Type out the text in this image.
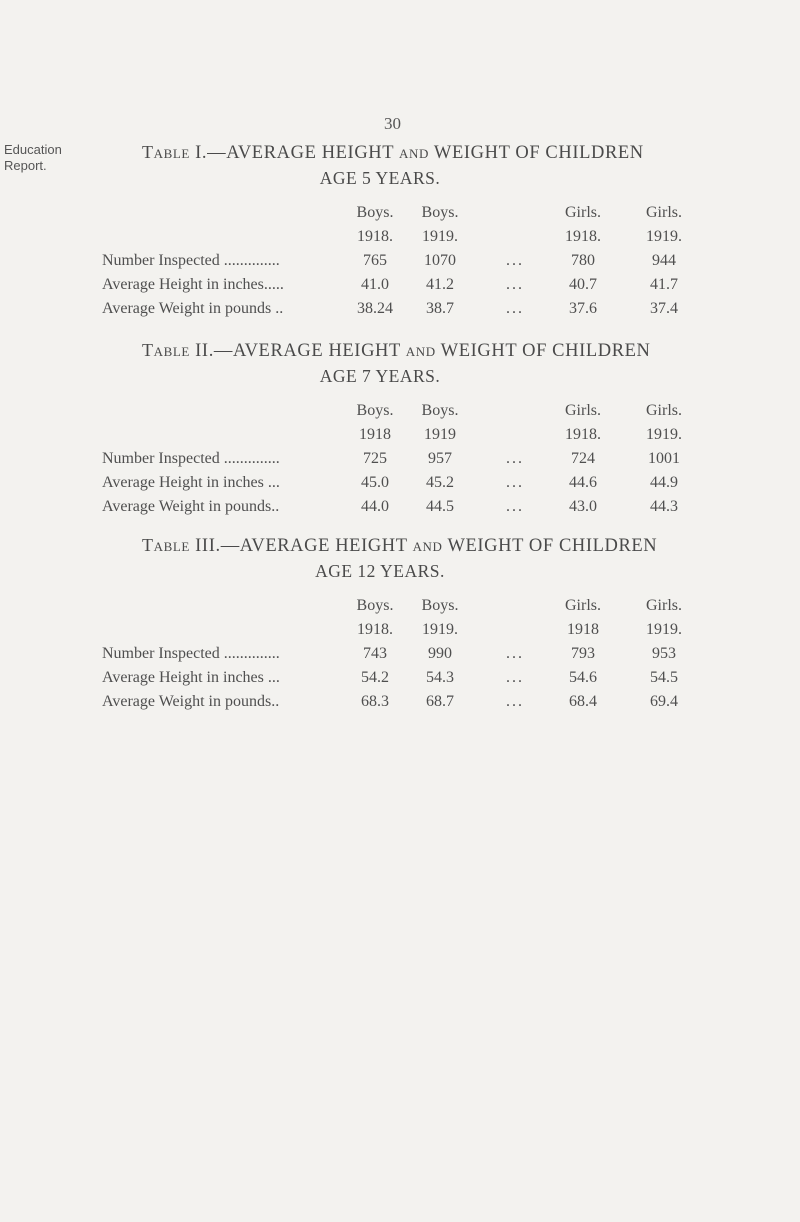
30
Education
Report.
Table I.—AVERAGE HEIGHT and WEIGHT OF CHILDREN
AGE 5 YEARS.
Boys.	Boys.	Girls.	Girls.
1918.	1919.	1918.	1919.
Number Inspected ..............	765	1070	...	780	944
Average Height in inches.....	41.0	41.2	...	40.7	41.7
Average Weight in pounds ..	38.24	38.7	...	37.6	37.4
Table II.—AVERAGE HEIGHT and WEIGHT OF CHILDREN
AGE 7 YEARS.
Boys.	Boys.	Girls.	Girls.
1918	1919	1918.	1919.
Number Inspected ..............	725	957	...	724	1001
Average Height in inches ...	45.0	45.2	...	44.6	44.9
Average Weight in pounds..	44.0	44.5	...	43.0	44.3
Table III.—AVERAGE HEIGHT and WEIGHT OF CHILDREN
AGE 12 YEARS.
Boys.	Boys.	Girls.	Girls.
1918.	1919.	1918	1919.
Number Inspected ..............	743	990	...	793	953
Average Height in inches ...	54.2	54.3	...	54.6	54.5
Average Weight in pounds..	68.3	68.7	...	68.4	69.4
